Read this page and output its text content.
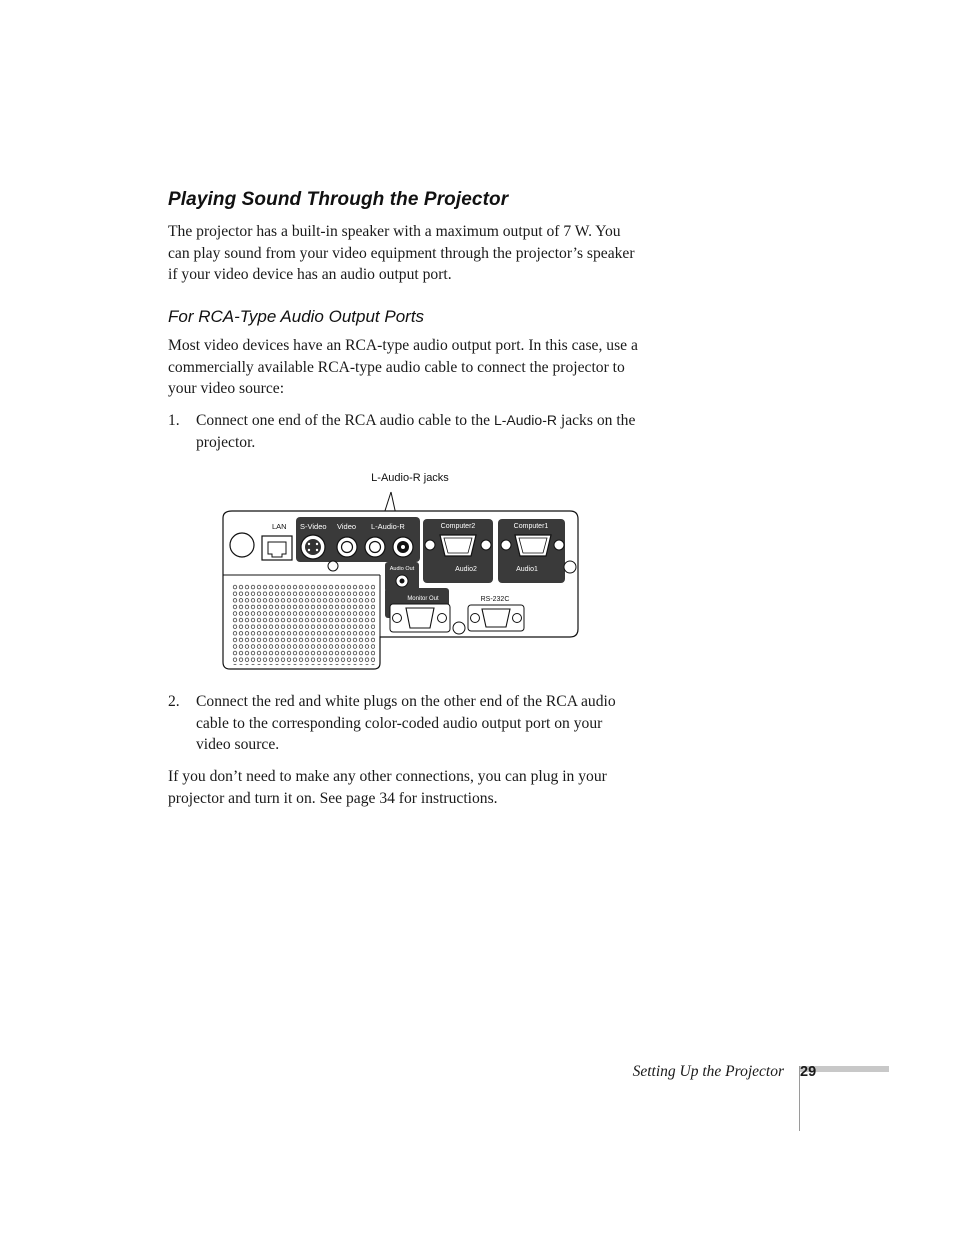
Playing Sound Through the Projector

The projector has a built-in speaker with a maximum output of 7 W. You can play sound from your video equipment through the projector’s speaker if your video device has an audio output port.

For RCA-Type Audio Output Ports

Most video devices have an RCA-type audio output port. In this case, use a commercially available RCA-type audio cable to connect the projector to your video source:

1. Connect one end of the RCA audio cable to the L-Audio-R jacks on the projector.
L-Audio-R jacks
LAN S-Video Video L-Audio-R	Computer2
Audio2
Computer1
Audio1
Audio Out
Monitor Out	RS-232C
2. Connect the red and white plugs on the other end of the RCA audio cable to the corresponding color-coded audio output port on your video source.

If you don’t need to make any other connections, you can plug in your projector and turn it on. See page 34 for instructions.

Setting Up the Projector 29
